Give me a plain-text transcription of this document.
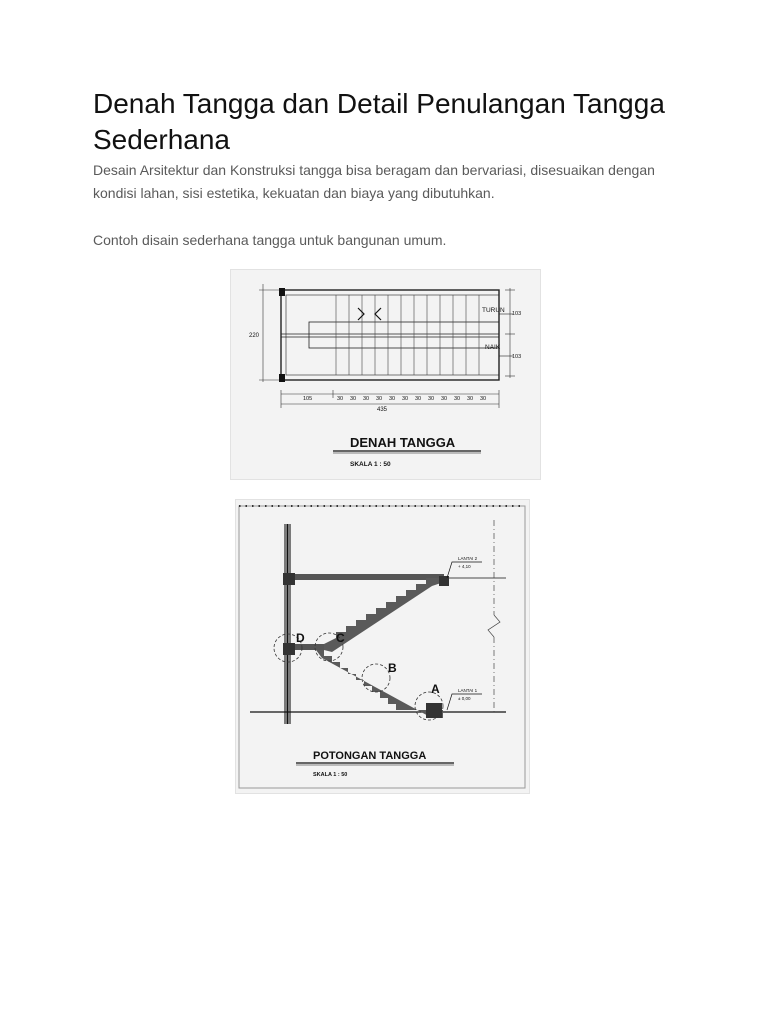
Denah Tangga dan Detail Penulangan Tangga Sederhana

Desain Arsitektur dan Konstruksi tangga bisa beragam dan bervariasi, disesuaikan dengan kondisi lahan, sisi estetika, kekuatan dan biaya yang dibutuhkan.

Contoh disain sederhana tangga untuk bangunan umum.

TURUN
NAIK
220
103
103
105	30 30 30 30 30 30 30 30 30 30 30 30
435
DENAH TANGGA
SKALA 1 : 50
D	C
B
A
LANTAI 2
+ 4,10
LANTAI 1
± 0,00
POTONGAN TANGGA
SKALA 1 : 50
